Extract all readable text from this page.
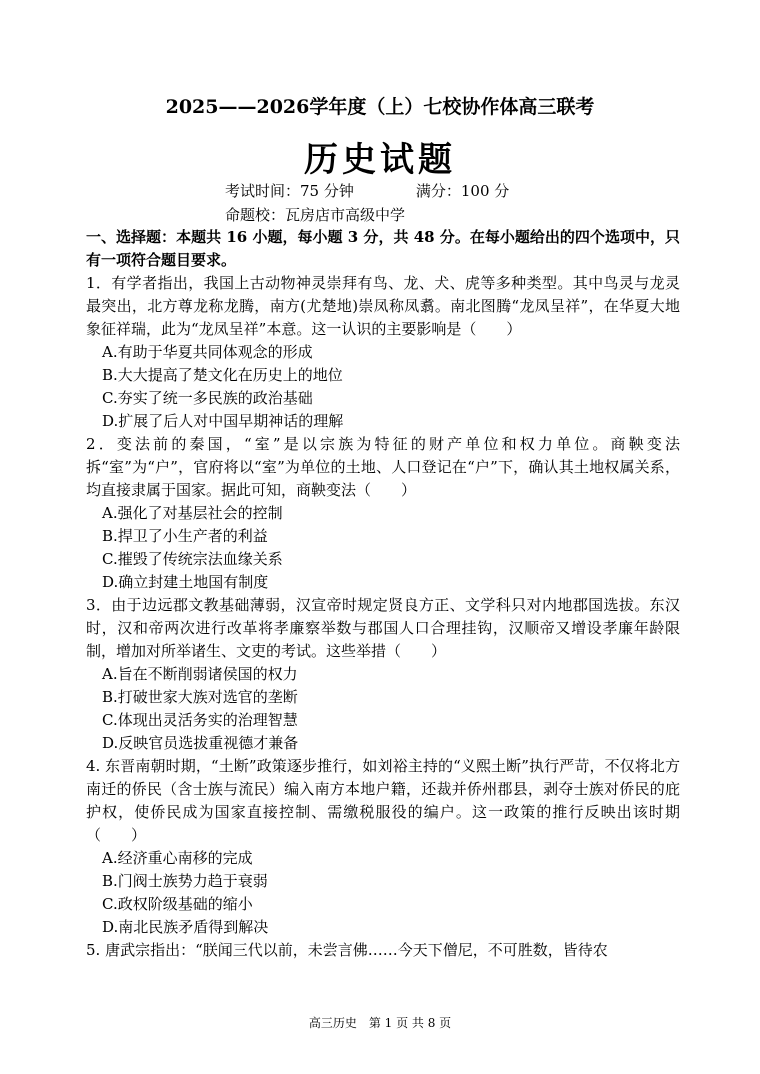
2025——2026学年度（上）七校协作体高三联考
历史试题
考试时间：75 分钟	满分：100 分
命题校：瓦房店市高级中学
一、选择题：本题共 16 小题，每小题 3 分，共 48 分。在每小题给出的四个选项中，只有一项符合题目要求。
1．有学者指出，我国上古动物神灵崇拜有鸟、龙、犬、虎等多种类型。其中鸟灵与龙灵最突出，北方尊龙称龙腾，南方(尤楚地)崇凤称凤翥。南北图腾“龙凤呈祥”，在华夏大地象征祥瑞，此为“龙凤呈祥”本意。这一认识的主要影响是（　　）
A.有助于华夏共同体观念的形成
B.大大提高了楚文化在历史上的地位
C.夯实了统一多民族的政治基础
D.扩展了后人对中国早期神话的理解
2．变法前的秦国，“室”是以宗族为特征的财产单位和权力单位。商鞅变法拆“室”为“户”，官府将以“室”为单位的土地、人口登记在“户”下，确认其土地权属关系，均直接隶属于国家。据此可知，商鞅变法（　　）
A.强化了对基层社会的控制
B.捍卫了小生产者的利益
C.摧毁了传统宗法血缘关系
D.确立封建土地国有制度
3．由于边远郡文教基础薄弱，汉宣帝时规定贤良方正、文学科只对内地郡国选拔。东汉时，汉和帝两次进行改革将孝廉察举数与郡国人口合理挂钩，汉顺帝又增设孝廉年龄限制，增加对所举诸生、文吏的考试。这些举措（　　）
A.旨在不断削弱诸侯国的权力
B.打破世家大族对选官的垄断
C.体现出灵活务实的治理智慧
D.反映官员选拔重视德才兼备
4. 东晋南朝时期，“土断”政策逐步推行，如刘裕主持的“义熙土断”执行严苛，不仅将北方南迁的侨民（含士族与流民）编入南方本地户籍，还裁并侨州郡县，剥夺士族对侨民的庇护权，使侨民成为国家直接控制、需缴税服役的编户。这一政策的推行反映出该时期（　　）
A.经济重心南移的完成
B.门阀士族势力趋于衰弱
C.政权阶级基础的缩小
D.南北民族矛盾得到解决
5. 唐武宗指出：“朕闻三代以前，未尝言佛……今天下僧尼，不可胜数，皆待农
高三历史　第 1 页 共 8 页
